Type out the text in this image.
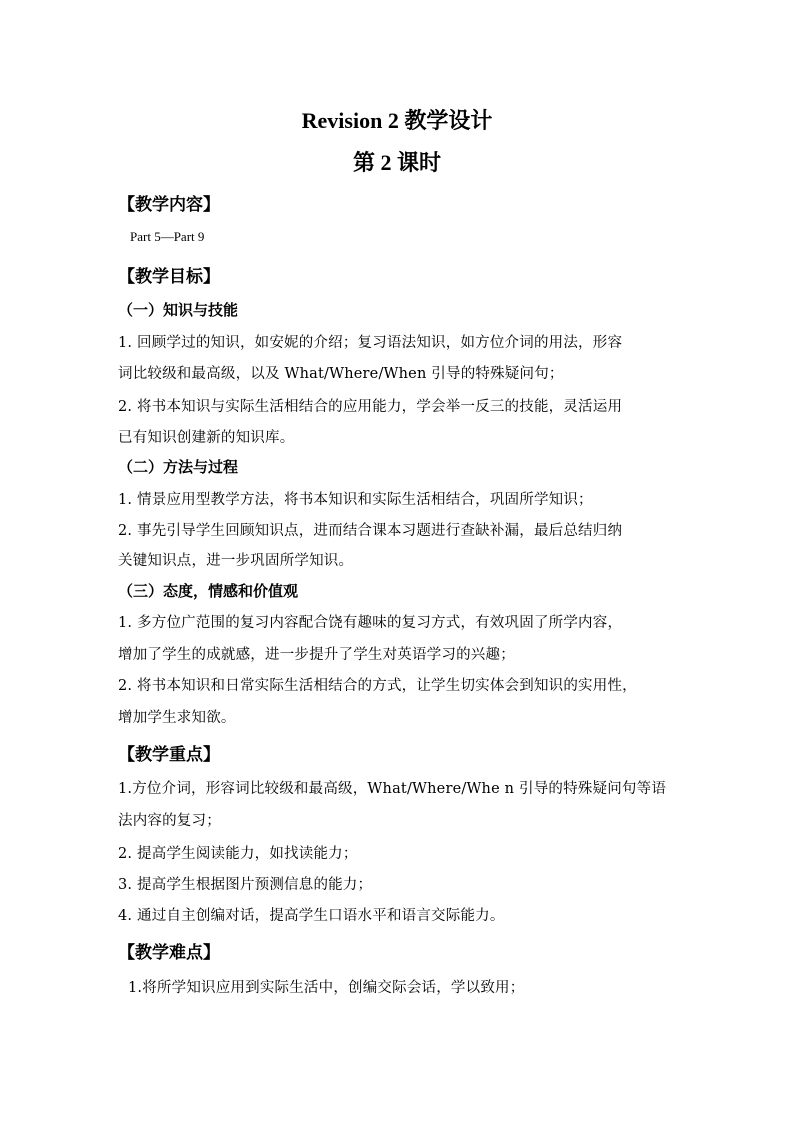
Revision 2 教学设计
第 2 课时
【教学内容】
Part 5—Part 9
【教学目标】
（一）知识与技能
1. 回顾学过的知识，如安妮的介绍；复习语法知识，如方位介词的用法，形容
词比较级和最高级，以及 What/Where/When 引导的特殊疑问句；
2. 将书本知识与实际生活相结合的应用能力，学会举一反三的技能，灵活运用
已有知识创建新的知识库。
（二）方法与过程
1. 情景应用型教学方法，将书本知识和实际生活相结合，巩固所学知识；
2. 事先引导学生回顾知识点，进而结合课本习题进行查缺补漏，最后总结归纳
关键知识点，进一步巩固所学知识。
（三）态度，情感和价值观
1. 多方位广范围的复习内容配合饶有趣味的复习方式，有效巩固了所学内容，
增加了学生的成就感，进一步提升了学生对英语学习的兴趣；
2. 将书本知识和日常实际生活相结合的方式，让学生切实体会到知识的实用性，
增加学生求知欲。
【教学重点】
1.方位介词，形容词比较级和最高级，What/Where/Whe n 引导的特殊疑问句等语
法内容的复习；
2. 提高学生阅读能力，如找读能力；
3. 提高学生根据图片预测信息的能力；
4. 通过自主创编对话，提高学生口语水平和语言交际能力。
【教学难点】
1.将所学知识应用到实际生活中，创编交际会话，学以致用；
